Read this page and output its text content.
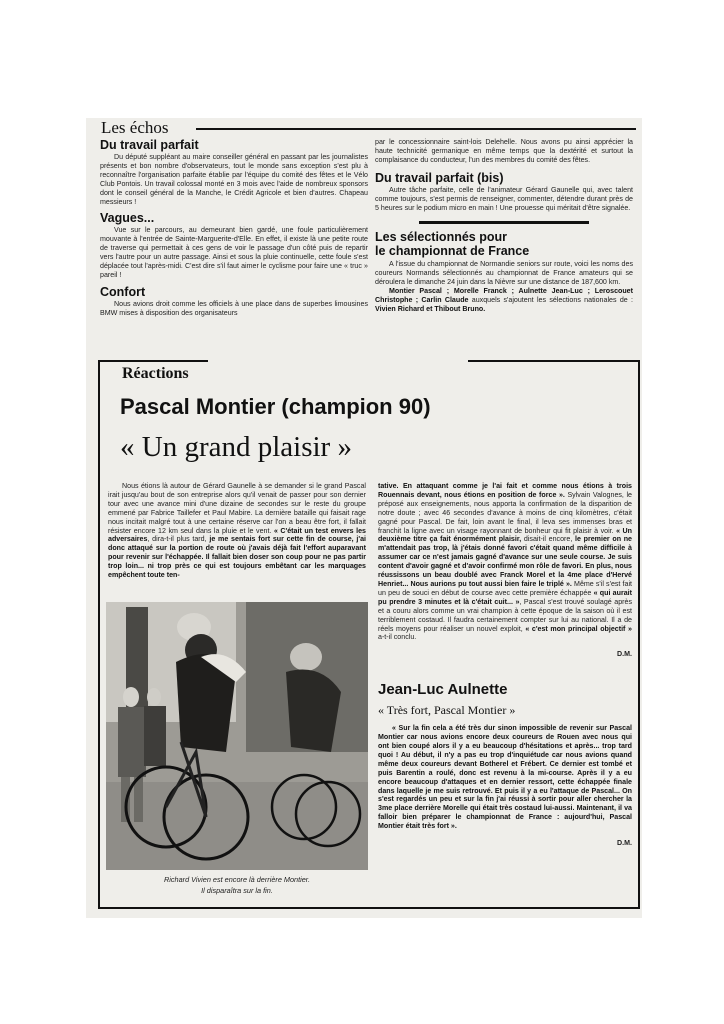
Les échos
Du travail parfait

Du député suppléant au maire conseiller général en passant par les journalistes présents et bon nombre d'observateurs, tout le monde sans exception s'est plu à reconnaître l'organisation parfaite établie par l'équipe du comité des fêtes et le Vélo Club Pontois. Un travail colossal monté en 3 mois avec l'aide de nombreux sponsors dont le conseil général de la Manche, le Crédit Agricole et bien d'autres. Chapeau messieurs !

Vagues...

Vue sur le parcours, au demeurant bien gardé, une foule particulièrement mouvante à l'entrée de Sainte-Marguerite-d'Elle. En effet, il existe là une petite route de traverse qui permettait à ces gens de voir le passage d'un côté puis de repartir vers l'autre pour un autre passage. Ainsi et sous la pluie continuelle, cette foule s'est déplacée tout l'après-midi. C'est dire s'il faut aimer le cyclisme pour faire une « truc » pareil !

Confort

Nous avions droit comme les officiels à une place dans de superbes limousines BMW mises à disposition des organisateurs

par le concessionnaire saint-lois Delehelle. Nous avons pu ainsi apprécier la haute technicité germanique en même temps que la dextérité et surtout la complaisance du conducteur, l'un des membres du comité des fêtes.

Du travail parfait (bis)

Autre tâche parfaite, celle de l'animateur Gérard Gaunelle qui, avec talent comme toujours, s'est permis de renseigner, commenter, détendre durant près de 5 heures sur le podium micro en main ! Une prouesse qui méritait d'être signalée.

Les sélectionnés pour
le championnat de France

A l'issue du championnat de Normandie seniors sur route, voici les noms des coureurs Normands sélectionnés au championnat de France amateurs qui se déroulera le dimanche 24 juin dans la Nièvre sur une distance de 187,600 km.

Montier Pascal ; Morelle Franck ; Aulnette Jean-Luc ; Leroscouet Christophe ; Carlin Claude auxquels s'ajoutent les sélections nationales de : Vivien Richard et Thibout Bruno.

Réactions
Pascal Montier (champion 90)
« Un grand plaisir »

Nous étions là autour de Gérard Gaunelle à se demander si le grand Pascal irait jusqu'au bout de son entreprise alors qu'il venait de passer pour son dernier tour avec une avance mini d'une dizaine de secondes sur le reste du groupe emmené par Fabrice Taillefer et Paul Mabire. La dernière bataille qui faisait rage nous incitait malgré tout à une certaine réserve car l'on a beau être fort, il fallait résister encore 12 km seul dans la pluie et le vent. « C'était un test envers les adversaires, dira-t-il plus tard, je me sentais fort sur cette fin de course, j'ai donc attaqué sur la portion de route où j'avais déjà fait l'effort auparavant pour revenir sur l'échappée. Il fallait bien doser son coup pour ne pas partir trop loin... ni trop près ce qui est toujours embêtant car les marquages empêchent toute ten-

Richard Vivien est encore là derrière Montier.
Il disparaîtra sur la fin.

tative. En attaquant comme je l'ai fait et comme nous étions à trois Rouennais devant, nous étions en position de force ». Sylvain Valognes, le préposé aux enseignements, nous apporta la confirmation de la disparition de notre doute ; avec 46 secondes d'avance à moins de cinq kilomètres, c'était gagné pour Pascal. De fait, loin avant le final, il leva ses immenses bras et franchit la ligne avec un visage rayonnant de bonheur qui fit plaisir à voir. « Un deuxième titre ça fait énormément plaisir, disait-il encore, le premier on ne m'attendait pas trop, là j'étais donné favori c'était quand même difficile à assumer car ce n'est jamais gagné d'avance sur une seule course. Je suis content d'avoir gagné et d'avoir confirmé mon rôle de favori. En plus, nous réussissons un beau doublé avec Franck Morel et la 4me place d'Hervé Henriet... Nous aurions pu tout aussi bien faire le triplé ». Même s'il s'est fait un peu de souci en début de course avec cette première échappée « qui aurait pu prendre 3 minutes et là c'était cuit... », Pascal s'est trouvé soulagé après et a couru alors comme un vrai champion à cette époque de la saison où il est terriblement costaud. Il faudra certainement compter sur lui au national. Il a de réels moyens pour réaliser un nouvel exploit, « c'est mon principal objectif » a-t-il conclu.

D.M.
Jean-Luc Aulnette
« Très fort, Pascal Montier »

« Sur la fin cela a été très dur sinon impossible de revenir sur Pascal Montier car nous avions encore deux coureurs de Rouen avec nous qui ont bien coupé alors il y a eu beaucoup d'hésitations et après... trop tard quoi ! Au début, il n'y a pas eu trop d'inquiétude car nous avions quand même deux coureurs devant Botherel et Frébert. Ce dernier est tombé et puis Barentin a roulé, donc est revenu à la mi-course. Après il y a eu encore beaucoup d'attaques et en dernier ressort, cette échappée finale dans laquelle je me suis retrouvé. Et puis il y a eu l'attaque de Pascal... On s'est regardés un peu et sur la fin j'ai réussi à sortir pour aller chercher la 3me place derrière Morelle qui était très costaud lui-aussi. Maintenant, il va falloir bien préparer le championnat de France : aujourd'hui, Pascal Montier était très fort ».

D.M.
